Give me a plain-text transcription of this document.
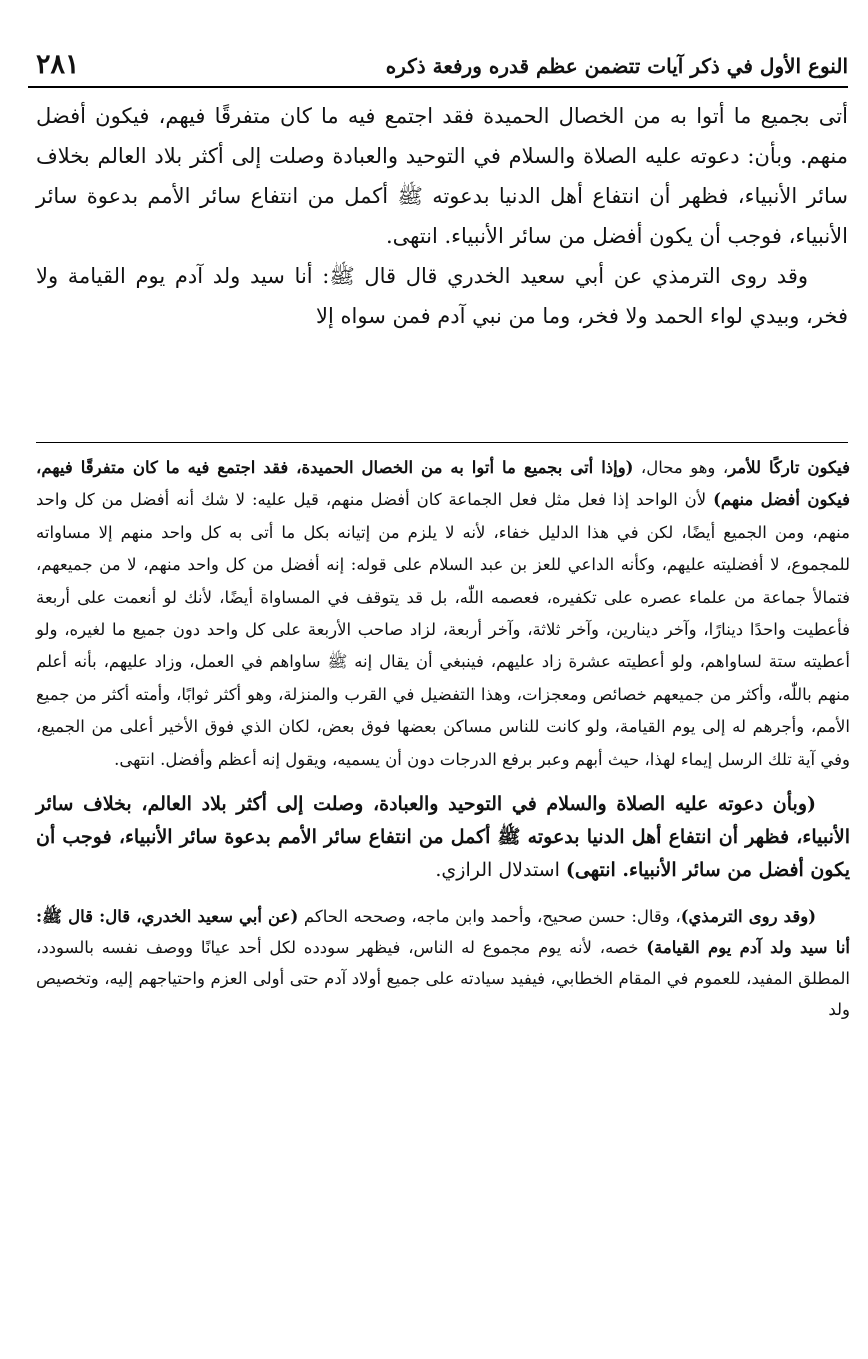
٢٨١	النوع الأول في ذكر آيات تتضمن عظم قدره ورفعة ذكره

أتى بجميع ما أتوا به من الخصال الحميدة فقد اجتمع فيه ما كان متفرقًا فيهم، فيكون أفضل منهم. وبأن: دعوته عليه الصلاة والسلام في التوحيد والعبادة وصلت إلى أكثر بلاد العالم بخلاف سائر الأنبياء، فظهر أن انتفاع أهل الدنيا بدعوته ﷺ أكمل من انتفاع سائر الأمم بدعوة سائر الأنبياء، فوجب أن يكون أفضل من سائر الأنبياء. انتهى.

وقد روى الترمذي عن أبي سعيد الخدري قال قال ﷺ: أنا سيد ولد آدم يوم القيامة ولا فخر، وبيدي لواء الحمد ولا فخر، وما من نبي آدم فمن سواه إلا

فيكون تاركًا للأمر، وهو محال، (وإذا أتى بجميع ما أتوا به من الخصال الحميدة، فقد اجتمع فيه ما كان متفرقًا فيهم، فيكون أفضل منهم) لأن الواحد إذا فعل مثل فعل الجماعة كان أفضل منهم، قيل عليه: لا شك أنه أفضل من كل واحد منهم، ومن الجميع أيضًا، لكن في هذا الدليل خفاء، لأنه لا يلزم من إتيانه بكل ما أتى به كل واحد منهم إلا مساواته للمجموع، لا أفضليته عليهم، وكأنه الداعي للعز بن عبد السلام على قوله: إنه أفضل من كل واحد منهم، لا من جميعهم، فتمالأ جماعة من علماء عصره على تكفيره، فعصمه اللّٰه، بل قد يتوقف في المساواة أيضًا، لأنك لو أنعمت على أربعة فأعطيت واحدًا دينارًا، وآخر دينارين، وآخر ثلاثة، وآخر أربعة، لزاد صاحب الأربعة على كل واحد دون جميع ما لغيره، ولو أعطيته ستة لساواهم، ولو أعطيته عشرة زاد عليهم، فينبغي أن يقال إنه ﷺ ساواهم في العمل، وزاد عليهم، بأنه أعلم منهم باللّٰه، وأكثر من جميعهم خصائص ومعجزات، وهذا التفضيل في القرب والمنزلة، وهو أكثر ثوابًا، وأمته أكثر من جميع الأمم، وأجرهم له إلى يوم القيامة، ولو كانت للناس مساكن بعضها فوق بعض، لكان الذي فوق الأخير أعلى من الجميع، وفي آية تلك الرسل إيماء لهذا، حيث أبهم وعبر برفع الدرجات دون أن يسميه، ويقول إنه أعظم وأفضل. انتهى.

(وبأن دعوته عليه الصلاة والسلام في التوحيد والعبادة، وصلت إلى أكثر بلاد العالم، بخلاف سائر الأنبياء، فظهر أن انتفاع أهل الدنيا بدعوته ﷺ أكمل من انتفاع سائر الأمم بدعوة سائر الأنبياء، فوجب أن يكون أفضل من سائر الأنبياء. انتهى) استدلال الرازي.

(وقد روى الترمذي)، وقال: حسن صحيح، وأحمد وابن ماجه، وصححه الحاكم (عن أبي سعيد الخدري، قال: قال ﷺ: أنا سيد ولد آدم يوم القيامة) خصه، لأنه يوم مجموع له الناس، فيظهر سودده لكل أحد عيانًا ووصف نفسه بالسودد، المطلق المفيد، للعموم في المقام الخطابي، فيفيد سيادته على جميع أولاد آدم حتى أولى العزم واحتياجهم إليه، وتخصيص ولد
